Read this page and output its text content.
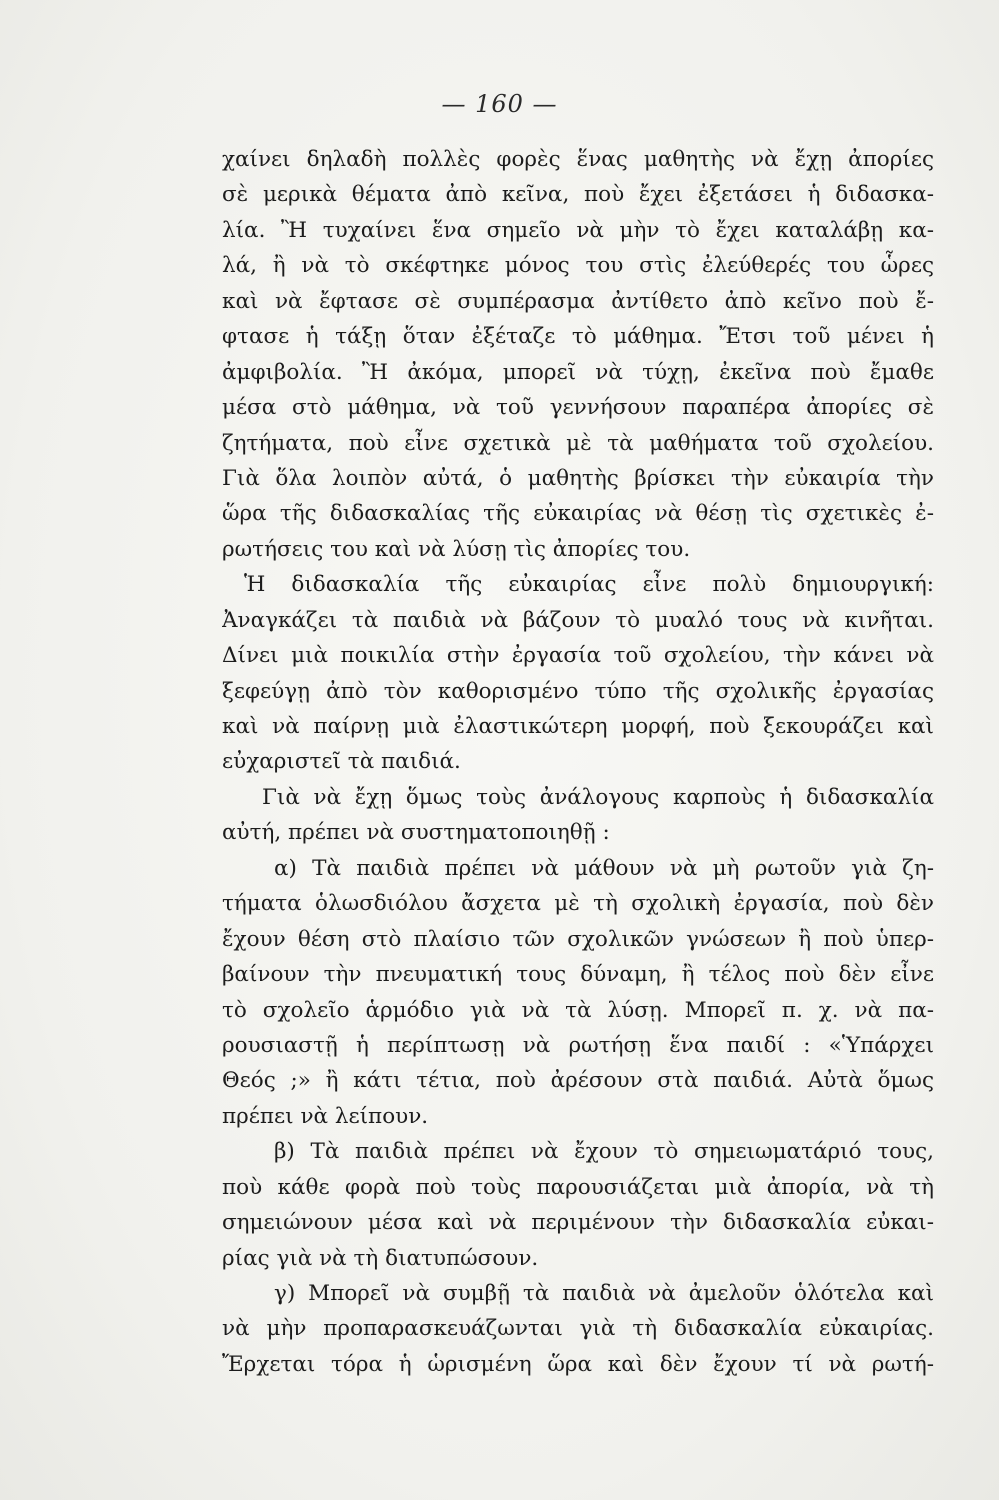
— 160 —
χαίνει δηλαδὴ πολλὲς φορὲς ἕνας μαθητὴς νὰ ἔχῃ ἀπορίες
σὲ μερικὰ θέματα ἀπὸ κεῖνα, ποὺ ἔχει ἐξετάσει ἡ διδασκα-
λία. Ἢ τυχαίνει ἕνα σημεῖο νὰ μὴν τὸ ἔχει καταλάβῃ κα-
λά, ἢ νὰ τὸ σκέφτηκε μόνος του στὶς ἐλεύθερές του ὧρες
καὶ νὰ ἔφτασε σὲ συμπέρασμα ἀντίθετο ἀπὸ κεῖνο ποὺ ἔ-
φτασε ἡ τάξῃ ὅταν ἐξέταζε τὸ μάθημα. Ἔτσι τοῦ μένει ἡ
ἀμφιβολία. Ἢ ἀκόμα, μπορεῖ νὰ τύχῃ, ἐκεῖνα ποὺ ἔμαθε
μέσα στὸ μάθημα, νὰ τοῦ γεννήσουν παραπέρα ἀπορίες σὲ
ζητήματα, ποὺ εἶνε σχετικὰ μὲ τὰ μαθήματα τοῦ σχολείου.
Γιὰ ὅλα λοιπὸν αὐτά, ὁ μαθητὴς βρίσκει τὴν εὐκαιρία τὴν
ὥρα τῆς διδασκαλίας τῆς εὐκαιρίας νὰ θέσῃ τὶς σχετικὲς ἐ-
ρωτήσεις του καὶ νὰ λύσῃ τὶς ἀπορίες του.
Ἡ διδασκαλία τῆς εὐκαιρίας εἶνε πολὺ δημιουργική:
Ἀναγκάζει τὰ παιδιὰ νὰ βάζουν τὸ μυαλό τους νὰ κινῆται.
Δίνει μιὰ ποικιλία στὴν ἐργασία τοῦ σχολείου, τὴν κάνει νὰ
ξεφεύγῃ ἀπὸ τὸν καθορισμένο τύπο τῆς σχολικῆς ἐργασίας
καὶ νὰ παίρνῃ μιὰ ἐλαστικώτερη μορφή, ποὺ ξεκουράζει καὶ
εὐχαριστεῖ τὰ παιδιά.
Γιὰ νὰ ἔχῃ ὅμως τοὺς ἀνάλογους καρποὺς ἡ διδασκαλία
αὐτή, πρέπει νὰ συστηματοποιηθῇ :
α) Τὰ παιδιὰ πρέπει νὰ μάθουν νὰ μὴ ρωτοῦν γιὰ ζη-
τήματα ὁλωσδιόλου ἄσχετα μὲ τὴ σχολικὴ ἐργασία, ποὺ δὲν
ἔχουν θέση στὸ πλαίσιο τῶν σχολικῶν γνώσεων ἢ ποὺ ὑπερ-
βαίνουν τὴν πνευματική τους δύναμη, ἢ τέλος ποὺ δὲν εἶνε
τὸ σχολεῖο ἁρμόδιο γιὰ νὰ τὰ λύσῃ. Μπορεῖ π. χ. νὰ πα-
ρουσιαστῇ ἡ περίπτωσῃ νὰ ρωτήσῃ ἕνα παιδί : «Ὑπάρχει
Θεός ;» ἢ κάτι τέτια, ποὺ ἀρέσουν στὰ παιδιά. Αὐτὰ ὅμως
πρέπει νὰ λείπουν.
β) Τὰ παιδιὰ πρέπει νὰ ἔχουν τὸ σημειωματάριό τους,
ποὺ κάθε φορὰ ποὺ τοὺς παρουσιάζεται μιὰ ἀπορία, νὰ τὴ
σημειώνουν μέσα καὶ νὰ περιμένουν τὴν διδασκαλία εὐκαι-
ρίας γιὰ νὰ τὴ διατυπώσουν.
γ) Μπορεῖ νὰ συμβῇ τὰ παιδιὰ νὰ ἀμελοῦν ὁλότελα καὶ
νὰ μὴν προπαρασκευάζωνται γιὰ τὴ διδασκαλία εὐκαιρίας.
Ἔρχεται τόρα ἡ ὡρισμένη ὥρα καὶ δὲν ἔχουν τί νὰ ρωτή-
